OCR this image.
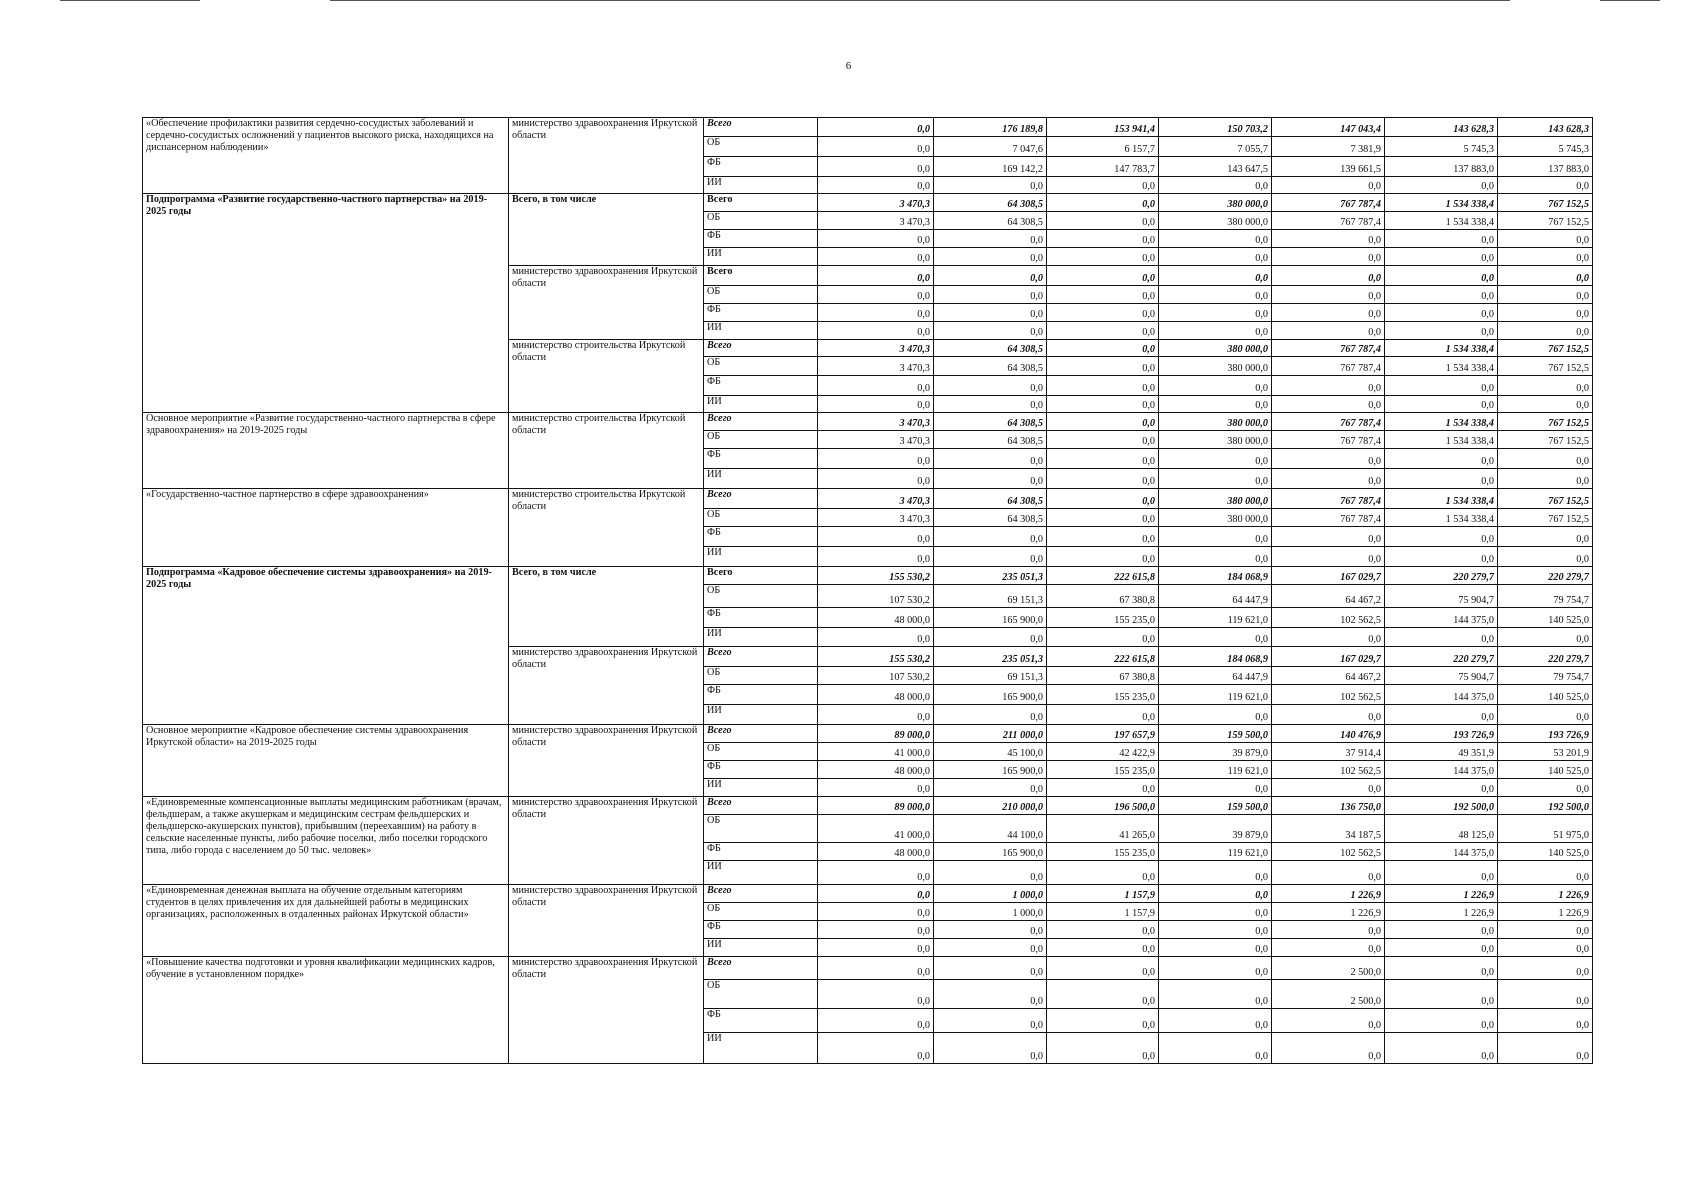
6
«Обеспечение профилактики развития сердечно-сосудистых заболеваний и сердечно-сосудистых осложнений у пациентов высокого риска, находящихся на диспансерном наблюдении»	министерство здравоохранения Иркутской области	Всего	0,0	176 189,8	153 941,4	150 703,2	147 043,4	143 628,3	143 628,3
		ОБ	0,0	7 047,6	6 157,7	7 055,7	7 381,9	5 745,3	5 745,3
		ФБ	0,0	169 142,2	147 783,7	143 647,5	139 661,5	137 883,0	137 883,0
		ИИ	0,0	0,0	0,0	0,0	0,0	0,0	0,0
Подпрограмма «Развитие государственно-частного партнерства» на 2019-2025 годы	Всего, в том числе	Всего	3 470,3	64 308,5	0,0	380 000,0	767 787,4	1 534 338,4	767 152,5
		ОБ	3 470,3	64 308,5	0,0	380 000,0	767 787,4	1 534 338,4	767 152,5
		ФБ	0,0	0,0	0,0	0,0	0,0	0,0	0,0
		ИИ	0,0	0,0	0,0	0,0	0,0	0,0	0,0
	министерство здравоохранения Иркутской области	Всего	0,0	0,0	0,0	0,0	0,0	0,0	0,0
		ОБ	0,0	0,0	0,0	0,0	0,0	0,0	0,0
		ФБ	0,0	0,0	0,0	0,0	0,0	0,0	0,0
		ИИ	0,0	0,0	0,0	0,0	0,0	0,0	0,0
	министерство строительства Иркутской области	Всего	3 470,3	64 308,5	0,0	380 000,0	767 787,4	1 534 338,4	767 152,5
		ОБ	3 470,3	64 308,5	0,0	380 000,0	767 787,4	1 534 338,4	767 152,5
		ФБ	0,0	0,0	0,0	0,0	0,0	0,0	0,0
		ИИ	0,0	0,0	0,0	0,0	0,0	0,0	0,0
Основное мероприятие «Развитие государственно-частного партнерства в сфере здравоохранения» на 2019-2025 годы	министерство строительства Иркутской области	Всего	3 470,3	64 308,5	0,0	380 000,0	767 787,4	1 534 338,4	767 152,5
		ОБ	3 470,3	64 308,5	0,0	380 000,0	767 787,4	1 534 338,4	767 152,5
		ФБ	0,0	0,0	0,0	0,0	0,0	0,0	0,0
		ИИ	0,0	0,0	0,0	0,0	0,0	0,0	0,0
«Государственно-частное партнерство в сфере здравоохранения»	министерство строительства Иркутской области	Всего	3 470,3	64 308,5	0,0	380 000,0	767 787,4	1 534 338,4	767 152,5
		ОБ	3 470,3	64 308,5	0,0	380 000,0	767 787,4	1 534 338,4	767 152,5
		ФБ	0,0	0,0	0,0	0,0	0,0	0,0	0,0
		ИИ	0,0	0,0	0,0	0,0	0,0	0,0	0,0
Подпрограмма «Кадровое обеспечение системы здравоохранения» на 2019-2025 годы	Всего, в том числе	Всего	155 530,2	235 051,3	222 615,8	184 068,9	167 029,7	220 279,7	220 279,7
		ОБ	107 530,2	69 151,3	67 380,8	64 447,9	64 467,2	75 904,7	79 754,7
		ФБ	48 000,0	165 900,0	155 235,0	119 621,0	102 562,5	144 375,0	140 525,0
		ИИ	0,0	0,0	0,0	0,0	0,0	0,0	0,0
	министерство здравоохранения Иркутской области	Всего	155 530,2	235 051,3	222 615,8	184 068,9	167 029,7	220 279,7	220 279,7
		ОБ	107 530,2	69 151,3	67 380,8	64 447,9	64 467,2	75 904,7	79 754,7
		ФБ	48 000,0	165 900,0	155 235,0	119 621,0	102 562,5	144 375,0	140 525,0
		ИИ	0,0	0,0	0,0	0,0	0,0	0,0	0,0
Основное мероприятие «Кадровое обеспечение системы здравоохранения Иркутской области» на 2019-2025 годы	министерство здравоохранения Иркутской области	Всего	89 000,0	211 000,0	197 657,9	159 500,0	140 476,9	193 726,9	193 726,9
		ОБ	41 000,0	45 100,0	42 422,9	39 879,0	37 914,4	49 351,9	53 201,9
		ФБ	48 000,0	165 900,0	155 235,0	119 621,0	102 562,5	144 375,0	140 525,0
		ИИ	0,0	0,0	0,0	0,0	0,0	0,0	0,0
«Единовременные компенсационные выплаты медицинским работникам (врачам, фельдшерам, а также акушеркам и медицинским сестрам фельдшерских и фельдшерско-акушерских пунктов), прибывшим (переехавшим) на работу в сельские населенные пункты, либо рабочие поселки, либо поселки городского типа, либо города с населением до 50 тыс. человек»	министерство здравоохранения Иркутской области	Всего	89 000,0	210 000,0	196 500,0	159 500,0	136 750,0	192 500,0	192 500,0
		ОБ	41 000,0	44 100,0	41 265,0	39 879,0	34 187,5	48 125,0	51 975,0
		ФБ	48 000,0	165 900,0	155 235,0	119 621,0	102 562,5	144 375,0	140 525,0
		ИИ	0,0	0,0	0,0	0,0	0,0	0,0	0,0
«Единовременная денежная выплата на обучение отдельным категориям студентов в целях привлечения их для дальнейшей работы в медицинских организациях, расположенных в отдаленных районах Иркутской области»	министерство здравоохранения Иркутской области	Всего	0,0	1 000,0	1 157,9	0,0	1 226,9	1 226,9	1 226,9
		ОБ	0,0	1 000,0	1 157,9	0,0	1 226,9	1 226,9	1 226,9
		ФБ	0,0	0,0	0,0	0,0	0,0	0,0	0,0
		ИИ	0,0	0,0	0,0	0,0	0,0	0,0	0,0
«Повышение качества подготовки и уровня квалификации медицинских кадров, обучение в установленном порядке»	министерство здравоохранения Иркутской области	Всего	0,0	0,0	0,0	0,0	2 500,0	0,0	0,0
		ОБ	0,0	0,0	0,0	0,0	2 500,0	0,0	0,0
		ФБ	0,0	0,0	0,0	0,0	0,0	0,0	0,0
		ИИ	0,0	0,0	0,0	0,0	0,0	0,0	0,0
